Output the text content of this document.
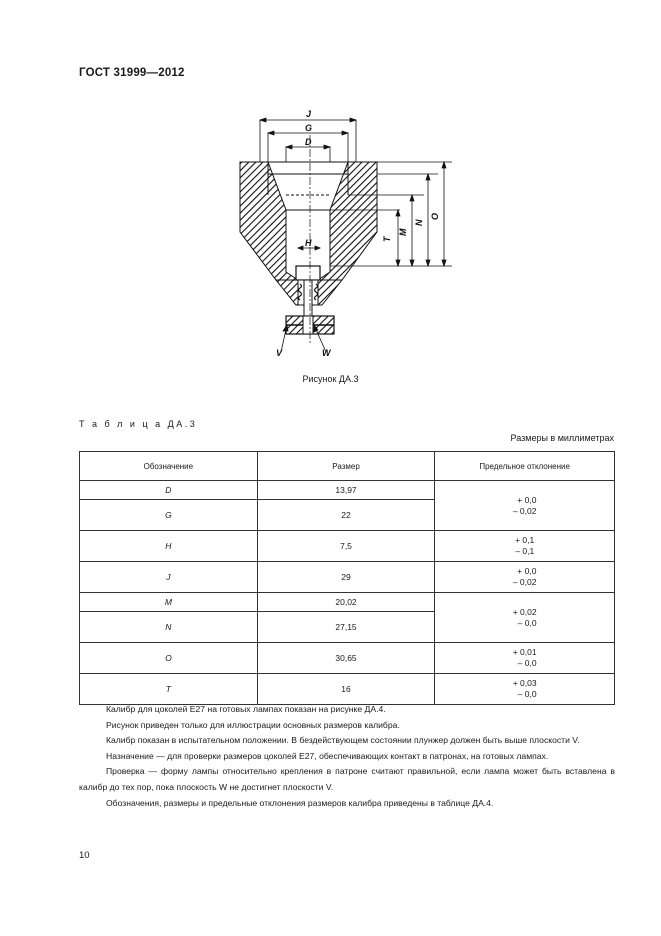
ГОСТ 31999—2012
J
G
D
H	T
M
N
O
V	W
Рисунок ДА.3
Т а б л и ц а ДА.3
Размеры в миллиметрах
Обозначение	Размер	Предельное отклонение
D	13,97	+ 0,0
– 0,02
G	22	
H	7,5	+ 0,1
– 0,1
J	29	+ 0,0
– 0,02
M	20,02	+ 0,02
– 0,0
N	27,15	
O	30,65	+ 0,01
– 0,0
T	16	+ 0,03
– 0,0

Калибр для цоколей E27 на готовых лампах показан на рисунке ДА.4.

Рисунок приведен только для иллюстрации основных размеров калибра.

Калибр показан в испытательном положении. В бездействующем состоянии плунжер должен быть выше плоскости V.

Назначение — для проверки размеров цоколей E27, обеспечивающих контакт в патронах, на готовых лампах.

Проверка — форму лампы относительно крепления в патроне считают правильной, если лампа может быть вставлена в калибр до тех пор, пока плоскость W не достигнет плоскости V.

Обозначения, размеры и предельные отклонения размеров калибра приведены в таблице ДА.4.

10
